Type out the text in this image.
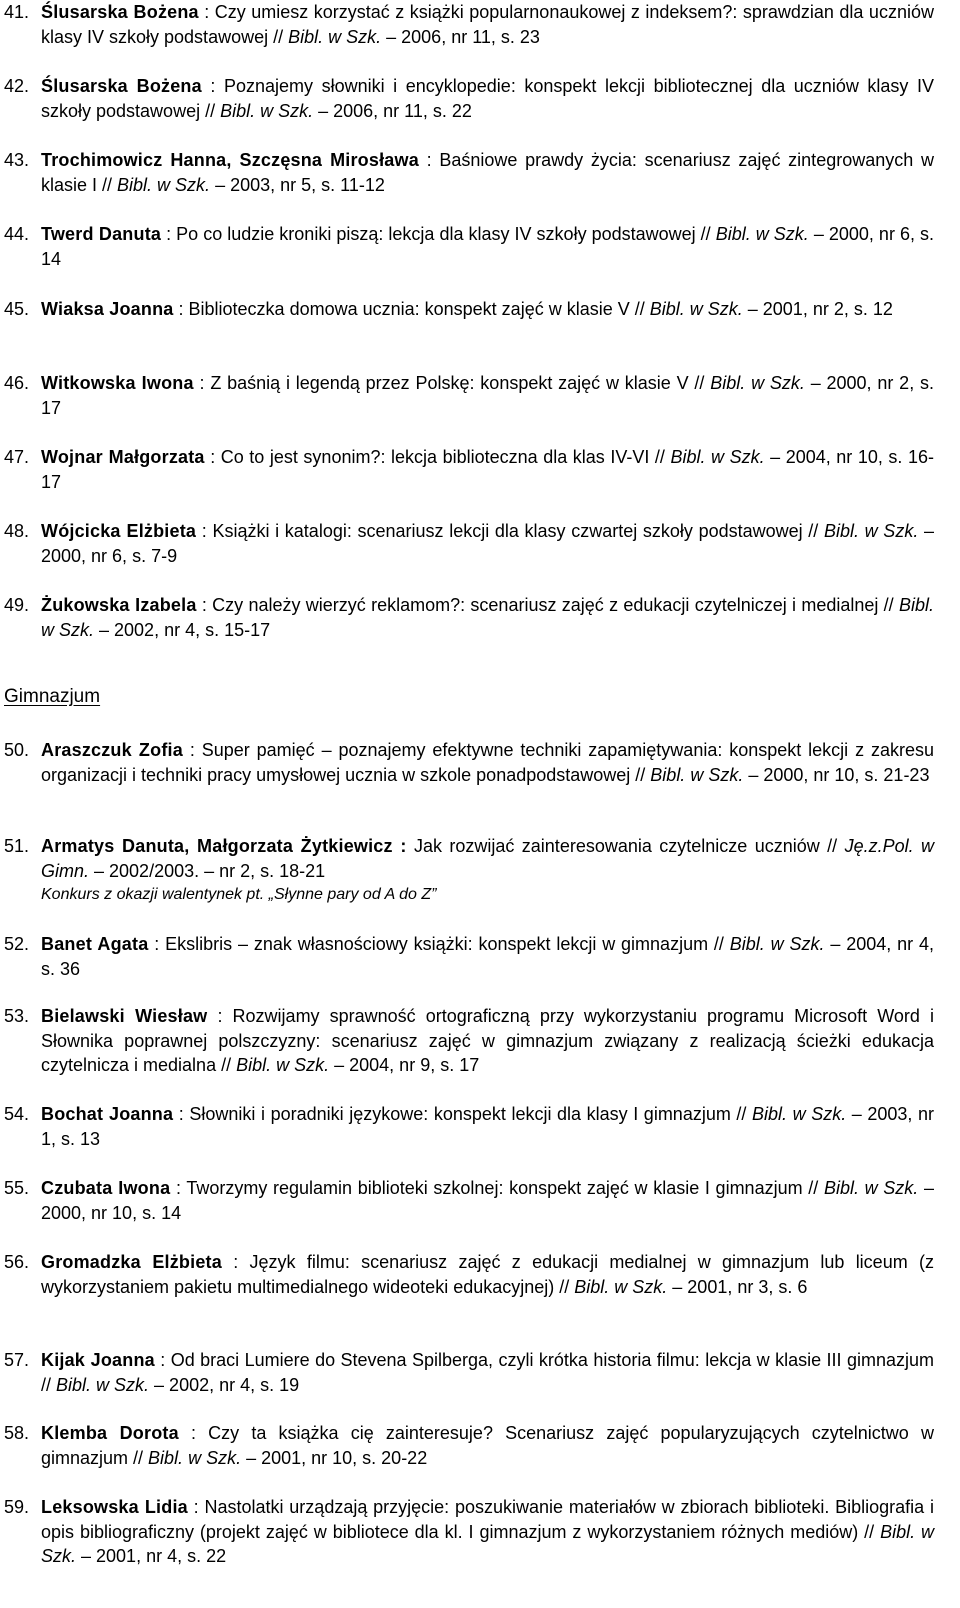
41. Ślusarska Bożena : Czy umiesz korzystać z książki popularnonaukowej z indeksem?: sprawdzian dla uczniów klasy IV szkoły podstawowej // Bibl. w Szk. – 2006, nr 11, s. 23
42. Ślusarska Bożena : Poznajemy słowniki i encyklopedie: konspekt lekcji bibliotecznej dla uczniów klasy IV szkoły podstawowej // Bibl. w Szk. – 2006, nr 11, s. 22
43. Trochimowicz Hanna, Szczęsna Mirosława : Baśniowe prawdy życia: scenariusz zajęć zintegrowanych w klasie I // Bibl. w Szk. – 2003, nr 5, s. 11-12
44. Twerd Danuta : Po co ludzie kroniki piszą: lekcja dla klasy IV szkoły podstawowej // Bibl. w Szk. – 2000, nr 6, s. 14
45. Wiaksa Joanna : Biblioteczka domowa ucznia: konspekt zajęć w klasie V // Bibl. w Szk. – 2001, nr 2, s. 12
46. Witkowska Iwona : Z baśnią i legendą przez Polskę: konspekt zajęć w klasie V // Bibl. w Szk. – 2000, nr 2, s. 17
47. Wojnar Małgorzata : Co to jest synonim?: lekcja biblioteczna dla klas IV-VI // Bibl. w Szk. – 2004, nr 10, s. 16-17
48. Wójcicka Elżbieta : Książki i katalogi: scenariusz lekcji dla klasy czwartej szkoły podstawowej // Bibl. w Szk. – 2000, nr 6, s. 7-9
49. Żukowska Izabela : Czy należy wierzyć reklamom?: scenariusz zajęć z edukacji czytelniczej i medialnej // Bibl. w Szk. – 2002, nr 4, s. 15-17
Gimnazjum
50. Araszczuk Zofia : Super pamięć – poznajemy efektywne techniki zapamiętywania: konspekt lekcji z zakresu organizacji i techniki pracy umysłowej ucznia w szkole ponadpodstawowej // Bibl. w Szk. – 2000, nr 10, s. 21-23
51. Armatys Danuta, Małgorzata Żytkiewicz : Jak rozwijać zainteresowania czytelnicze uczniów // Ję.z.Pol. w Gimn. – 2002/2003. – nr 2, s. 18-21
Konkurs z okazji walentynek pt. „Słynne pary od A do Z”
52. Banet Agata : Ekslibris – znak własnościowy książki: konspekt lekcji w gimnazjum // Bibl. w Szk. – 2004, nr 4, s. 36
53. Bielawski Wiesław : Rozwijamy sprawność ortograficzną przy wykorzystaniu programu Microsoft Word i Słownika poprawnej polszczyzny: scenariusz zajęć w gimnazjum związany z realizacją ścieżki edukacja czytelnicza i medialna // Bibl. w Szk. – 2004, nr 9, s. 17
54. Bochat Joanna : Słowniki i poradniki językowe: konspekt lekcji dla klasy I gimnazjum // Bibl. w Szk. – 2003, nr 1, s. 13
55. Czubata Iwona : Tworzymy regulamin biblioteki szkolnej: konspekt zajęć w klasie I gimnazjum // Bibl. w Szk. – 2000, nr 10, s. 14
56. Gromadzka Elżbieta : Język filmu: scenariusz zajęć z edukacji medialnej w gimnazjum lub liceum (z wykorzystaniem pakietu multimedialnego wideoteki edukacyjnej) // Bibl. w Szk. – 2001, nr 3, s. 6
57. Kijak Joanna : Od braci Lumiere do Stevena Spilberga, czyli krótka historia filmu: lekcja w klasie III gimnazjum // Bibl. w Szk. – 2002, nr 4, s. 19
58. Klemba Dorota : Czy ta książka cię zainteresuje? Scenariusz zajęć popularyzujących czytelnictwo w gimnazjum // Bibl. w Szk. – 2001, nr 10, s. 20-22
59. Leksowska Lidia : Nastolatki urządzają przyjęcie: poszukiwanie materiałów w zbiorach biblioteki. Bibliografia i opis bibliograficzny (projekt zajęć w bibliotece dla kl. I gimnazjum z wykorzystaniem różnych mediów) // Bibl. w Szk. – 2001, nr 4, s. 22
